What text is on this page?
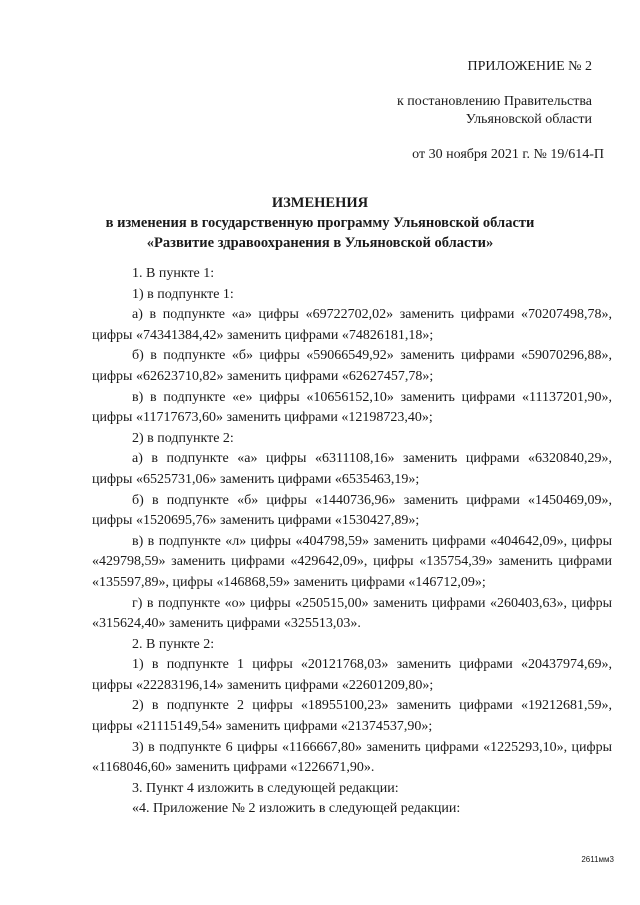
ПРИЛОЖЕНИЕ № 2
к постановлению Правительства
Ульяновской области
от 30 ноября 2021 г. № 19/614-П
ИЗМЕНЕНИЯ
в изменения в государственную программу Ульяновской области
«Развитие здравоохранения в Ульяновской области»

1. В пункте 1:

1) в подпункте 1:

а) в подпункте «а» цифры «69722702,02» заменить цифрами «70207498,78», цифры «74341384,42» заменить цифрами «74826181,18»;

б) в подпункте «б» цифры «59066549,92» заменить цифрами «59070296,88», цифры «62623710,82» заменить цифрами «62627457,78»;

в) в подпункте «е» цифры «10656152,10» заменить цифрами «11137201,90», цифры «11717673,60» заменить цифрами «12198723,40»;

2) в подпункте 2:

а) в подпункте «а» цифры «6311108,16» заменить цифрами «6320840,29», цифры «6525731,06» заменить цифрами «6535463,19»;

б) в подпункте «б» цифры «1440736,96» заменить цифрами «1450469,09», цифры «1520695,76» заменить цифрами «1530427,89»;

в) в подпункте «л» цифры «404798,59» заменить цифрами «404642,09», цифры «429798,59» заменить цифрами «429642,09», цифры «135754,39» заменить цифрами «135597,89», цифры «146868,59» заменить цифрами «146712,09»;

г) в подпункте «о» цифры «250515,00» заменить цифрами «260403,63», цифры «315624,40» заменить цифрами «325513,03».

2. В пункте 2:

1) в подпункте 1 цифры «20121768,03» заменить цифрами «20437974,69», цифры «22283196,14» заменить цифрами «22601209,80»;

2) в подпункте 2 цифры «18955100,23» заменить цифрами «19212681,59», цифры «21115149,54» заменить цифрами «21374537,90»;

3) в подпункте 6 цифры «1166667,80» заменить цифрами «1225293,10», цифры «1168046,60» заменить цифрами «1226671,90».

3. Пункт 4 изложить в следующей редакции:

«4. Приложение № 2 изложить в следующей редакции:

2611мм3
